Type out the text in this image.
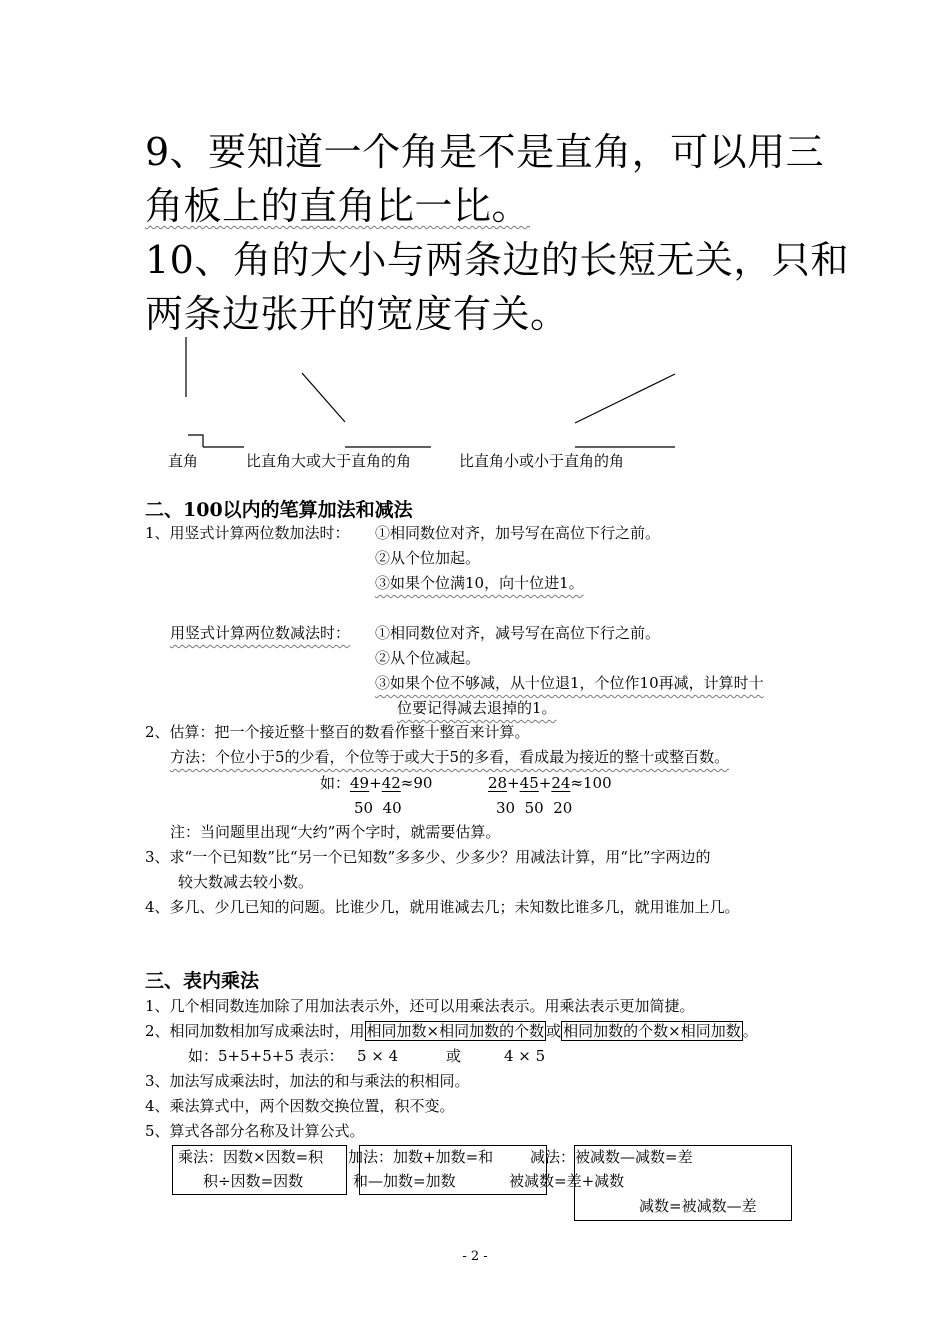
9、要知道一个角是不是直角，可以用三
角板上的直角比一比。
10、角的大小与两条边的长短无关，只和
两条边张开的宽度有关。
直角	比直角大或大于直角的角	比直角小或小于直角的角
二、100以内的笔算加法和减法
1、用竖式计算两位数加法时： ①相同数位对齐，加号写在高位下行之前。
②从个位加起。
③如果个位满10，向十位进1。
用竖式计算两位数减法时： ①相同数位对齐，减号写在高位下行之前。
②从个位减起。
③如果个位不够减，从十位退1，个位作10再减，计算时十
位要记得减去退掉的1。
2、估算：把一个接近整十整百的数看作整十整百来计算。
方法：个位小于5的少看，个位等于或大于5的多看，看成最为接近的整十或整百数。
如：49+42≈90	28+45+24≈100
50  40	30  50  20
注：当问题里出现“大约”两个字时，就需要估算。
3、求“一个已知数”比“另一个已知数”多多少、少多少？用减法计算，用“比”字两边的
较大数减去较小数。
4、多几、少几已知的问题。比谁少几，就用谁减去几；未知数比谁多几，就用谁加上几。
三、表内乘法
1、几个相同数连加除了用加法表示外，还可以用乘法表示。用乘法表示更加简捷。
2、相同加数相加写成乘法时，用 相同加数×相同加数的个数 或 相同加数的个数×相同加数 。
如：5+5+5+5 表示： 5 × 4	或	4 × 5
3、加法写成乘法时，加法的和与乘法的积相同。
4、乘法算式中，两个因数交换位置，积不变。
5、算式各部分名称及计算公式。
乘法：因数×因数=积
积÷因数=因数
加法：加数+加数=和
和—加数=加数
减法：被减数—减数=差
被减数=差+减数
减数=被减数—差
- 2 -
